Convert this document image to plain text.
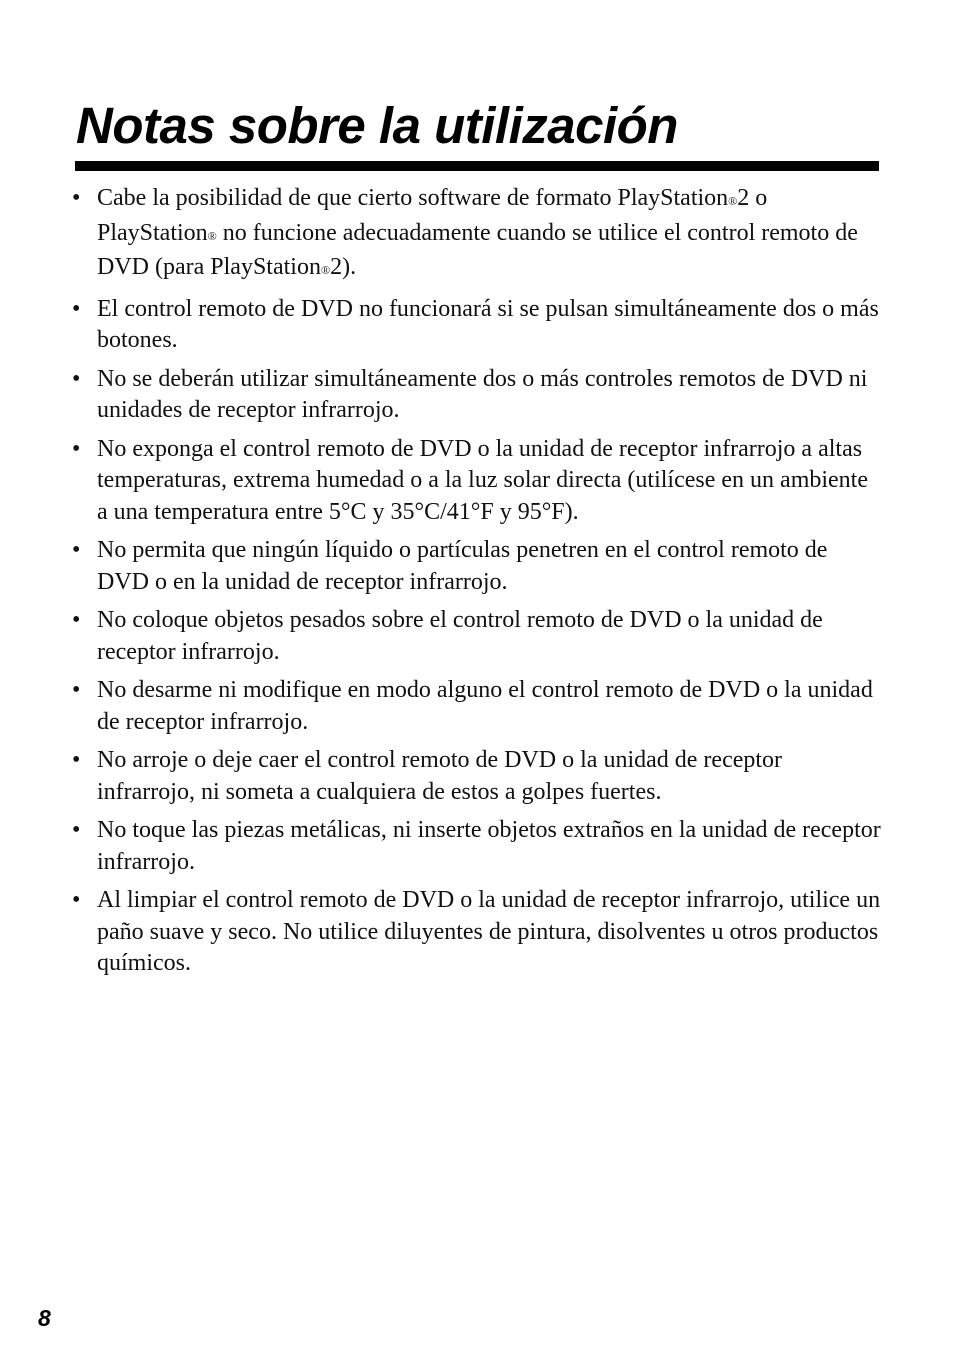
Notas sobre la utilización
• Cabe la posibilidad de que cierto software de formato PlayStation®2 o PlayStation® no funcione adecuadamente cuando se utilice el control remoto de DVD (para PlayStation®2).
• El control remoto de DVD no funcionará si se pulsan simultáneamente dos o más botones.
• No se deberán utilizar simultáneamente dos o más controles remotos de DVD ni unidades de receptor infrarrojo.
• No exponga el control remoto de DVD o la unidad de receptor infrarrojo a altas temperaturas, extrema humedad o a la luz solar directa (utilícese en un ambiente a una temperatura entre 5°C y 35°C/41°F y 95°F).
• No permita que ningún líquido o partículas penetren en el control remoto de DVD o en la unidad de receptor infrarrojo.
• No coloque objetos pesados sobre el control remoto de DVD o la unidad de receptor infrarrojo.
• No desarme ni modifique en modo alguno el control remoto de DVD o la unidad de receptor infrarrojo.
• No arroje o deje caer el control remoto de DVD o la unidad de receptor infrarrojo, ni someta a cualquiera de estos a golpes fuertes.
• No toque las piezas metálicas, ni inserte objetos extraños en la unidad de receptor infrarrojo.
• Al limpiar el control remoto de DVD o la unidad de receptor infrarrojo, utilice un paño suave y seco. No utilice diluyentes de pintura, disolventes u otros productos químicos.
8
